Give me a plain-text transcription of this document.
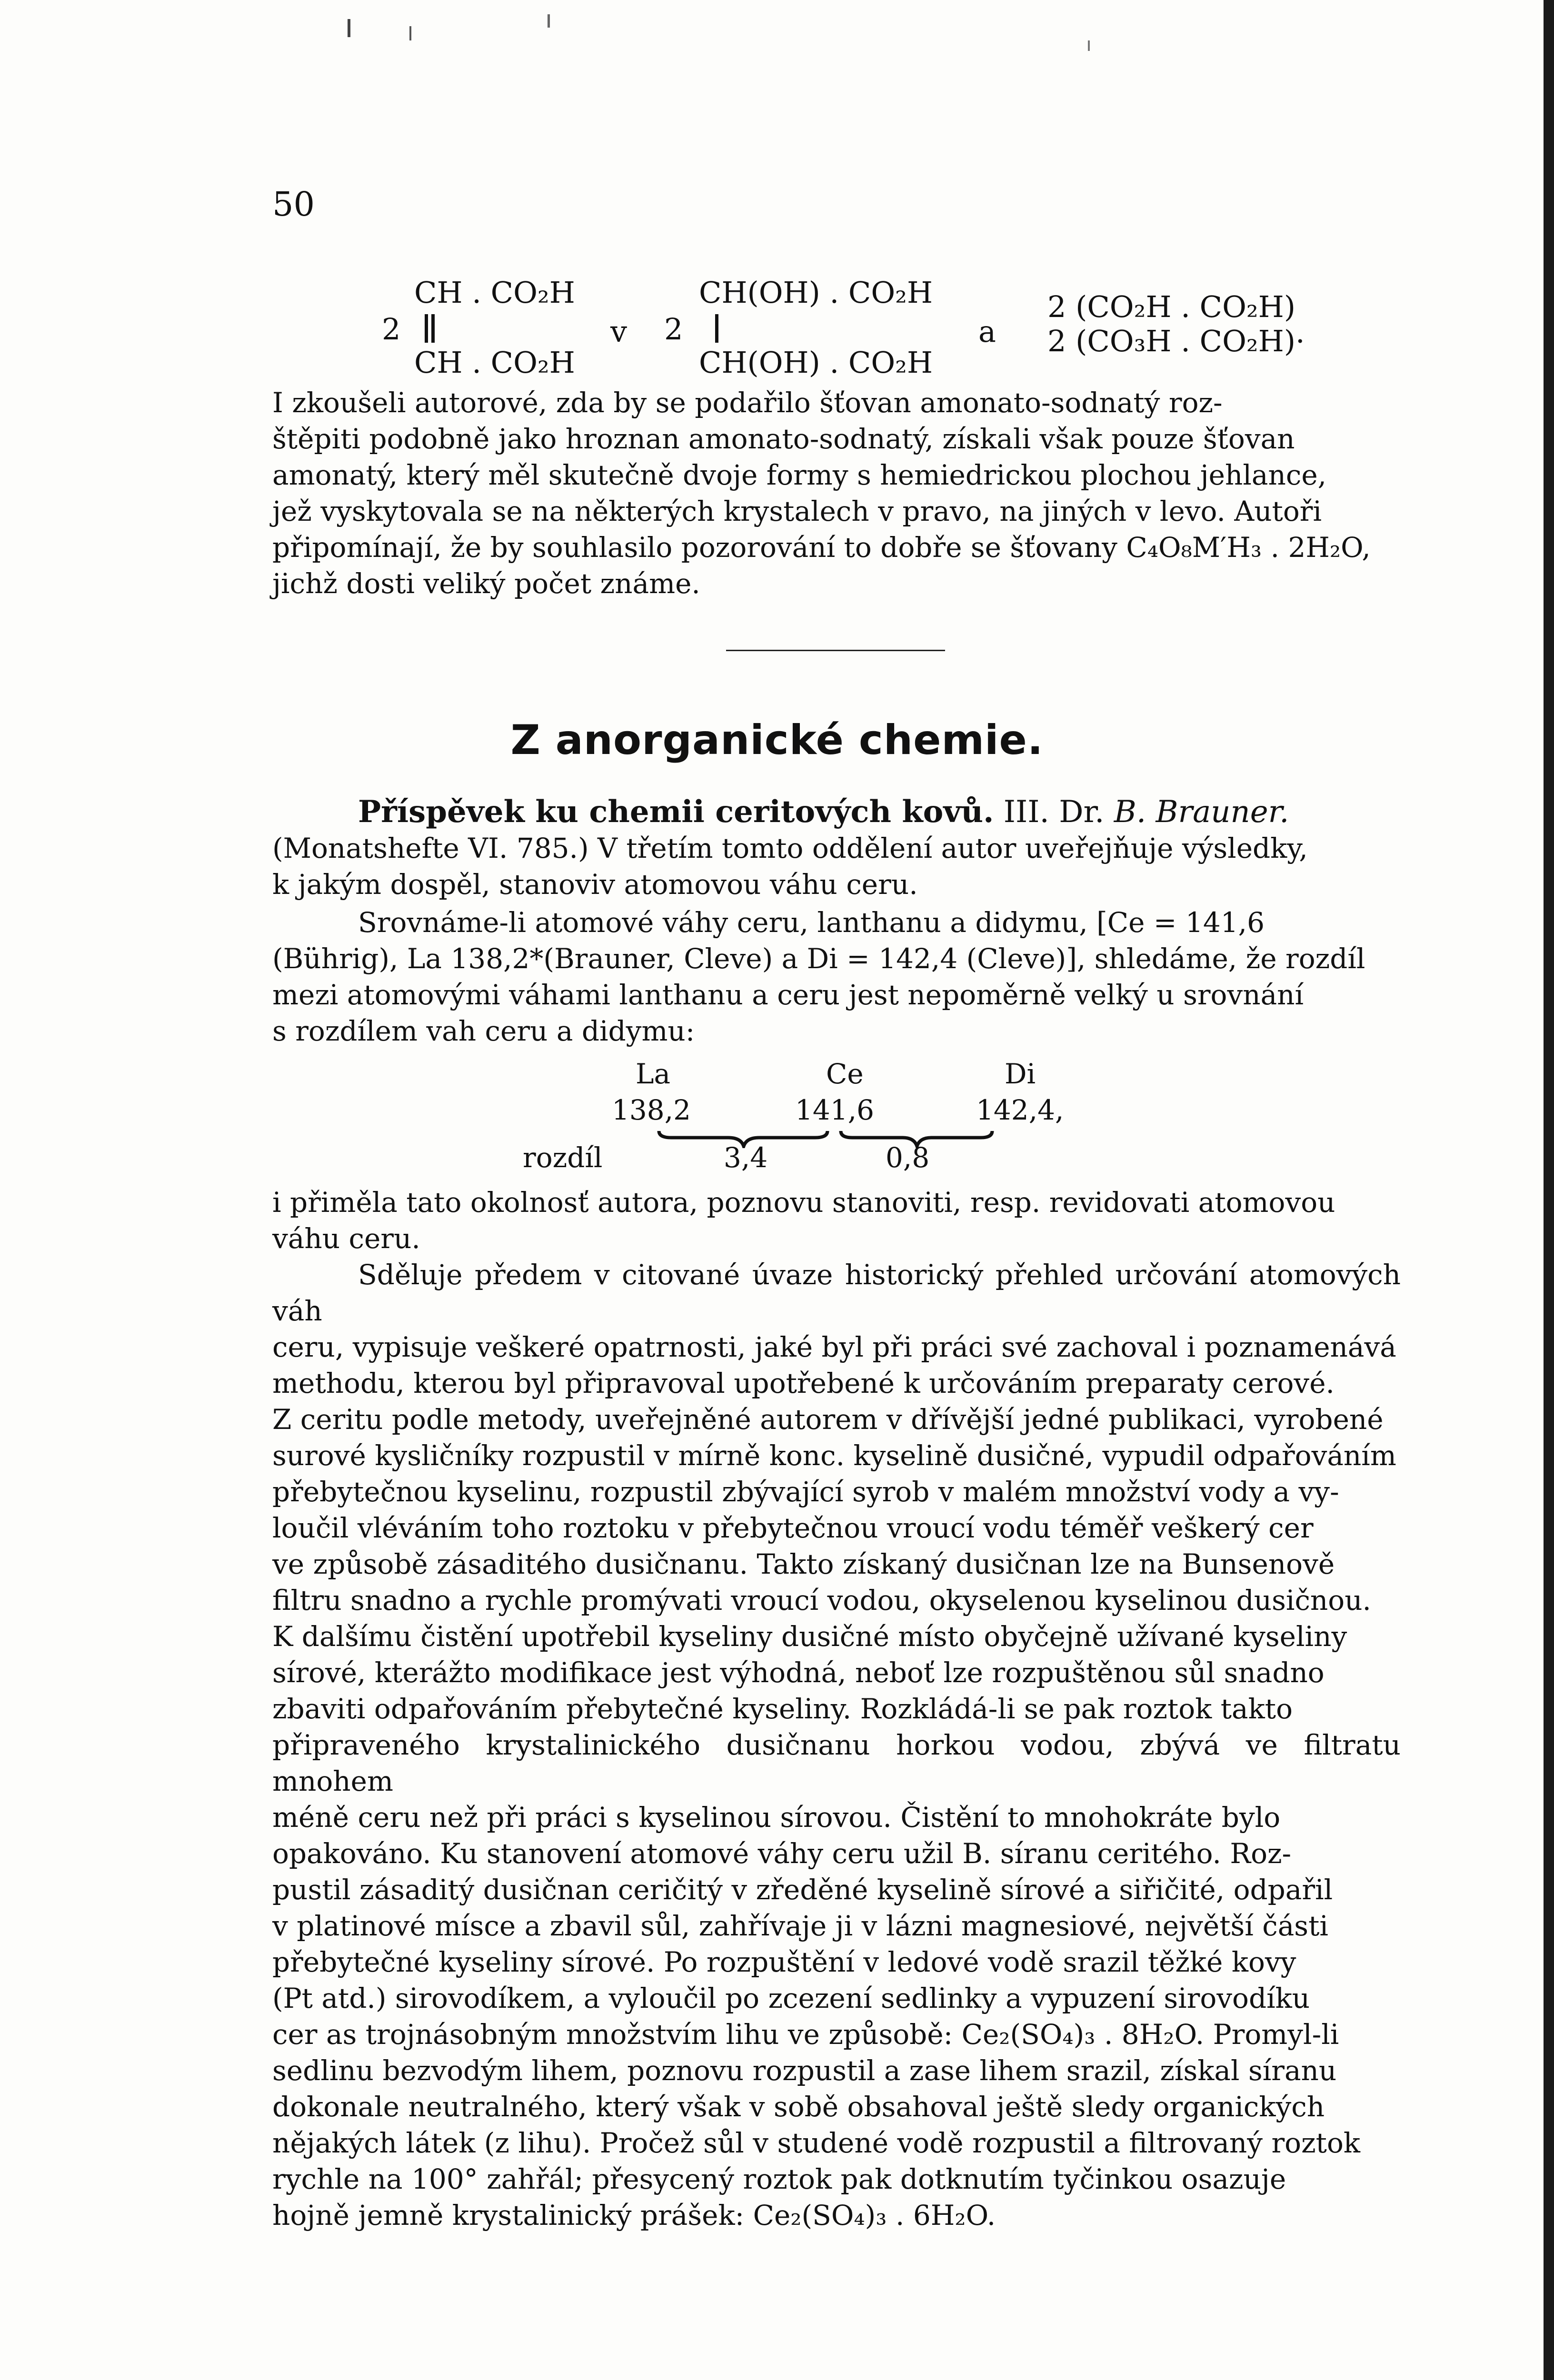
50
CH . CO₂H
2
CH . CO₂H
v
CH(OH) . CO₂H
2
CH(OH) . CO₂H
a
2 (CO₂H . CO₂H)
2 (CO₃H . CO₂H)·

I zkoušeli autorové, zda by se podařilo šťovan amonato-sodnatý roz-

štěpiti podobně jako hroznan amonato-sodnatý, získali však pouze šťovan

amonatý, který měl skutečně dvoje formy s hemiedrickou plochou jehlance,

jež vyskytovala se na některých krystalech v pravo, na jiných v levo. Autoři

připomínají, že by souhlasilo pozorování to dobře se šťovany C₄O₈M′H₃ . 2H₂O,

jichž dosti veliký počet známe.

Z anorganické chemie.

Příspěvek ku chemii ceritových kovů. III. Dr. B. Brauner.

(Monatshefte VI. 785.) V třetím tomto oddělení autor uveřejňuje výsledky,

k jakým dospěl, stanoviv atomovou váhu ceru.

Srovnáme-li atomové váhy ceru, lanthanu a didymu, [Ce = 141,6

(Bührig), La 138,2*(Brauner, Cleve) a Di = 142,4 (Cleve)], shledáme, že rozdíl

mezi atomovými váhami lanthanu a ceru jest nepoměrně velký u srovnání

s rozdílem vah ceru a didymu:

La	Ce	Di
138,2	141,6	142,4,
rozdíl	3,4	0,8

i přiměla tato okolnosť autora, poznovu stanoviti, resp. revidovati atomovou

váhu ceru.

Sděluje předem v citované úvaze historický přehled určování atomových váh

ceru, vypisuje veškeré opatrnosti, jaké byl při práci své zachoval i poznamenává

methodu, kterou byl připravoval upotřebené k určováním preparaty cerové.

Z ceritu podle metody, uveřejněné autorem v dřívější jedné publikaci, vyrobené

surové kysličníky rozpustil v mírně konc. kyselině dusičné, vypudil odpařováním

přebytečnou kyselinu, rozpustil zbývající syrob v malém množství vody a vy-

loučil vléváním toho roztoku v přebytečnou vroucí vodu téměř veškerý cer

ve způsobě zásaditého dusičnanu. Takto získaný dusičnan lze na Bunsenově

filtru snadno a rychle promývati vroucí vodou, okyselenou kyselinou dusičnou.

K dalšímu čistění upotřebil kyseliny dusičné místo obyčejně užívané kyseliny

sírové, kterážto modifikace jest výhodná, neboť lze rozpuštěnou sůl snadno

zbaviti odpařováním přebytečné kyseliny. Rozkládá-li se pak roztok takto

připraveného krystalinického dusičnanu horkou vodou, zbývá ve filtratu mnohem

méně ceru než při práci s kyselinou sírovou. Čistění to mnohokráte bylo

opakováno. Ku stanovení atomové váhy ceru užil B. síranu ceritého. Roz-

pustil zásaditý dusičnan ceričitý v zředěné kyselině sírové a siřičité, odpařil

v platinové mísce a zbavil sůl, zahřívaje ji v lázni magnesiové, největší části

přebytečné kyseliny sírové. Po rozpuštění v ledové vodě srazil těžké kovy

(Pt atd.) sirovodíkem, a vyloučil po zcezení sedlinky a vypuzení sirovodíku

cer as trojnásobným množstvím lihu ve způsobě: Ce₂(SO₄)₃ . 8H₂O. Promyl-li

sedlinu bezvodým lihem, poznovu rozpustil a zase lihem srazil, získal síranu

dokonale neutralného, který však v sobě obsahoval ještě sledy organických

nějakých látek (z lihu). Pročež sůl v studené vodě rozpustil a filtrovaný roztok

rychle na 100° zahřál; přesycený roztok pak dotknutím tyčinkou osazuje

hojně jemně krystalinický prášek: Ce₂(SO₄)₃ . 6H₂O.
